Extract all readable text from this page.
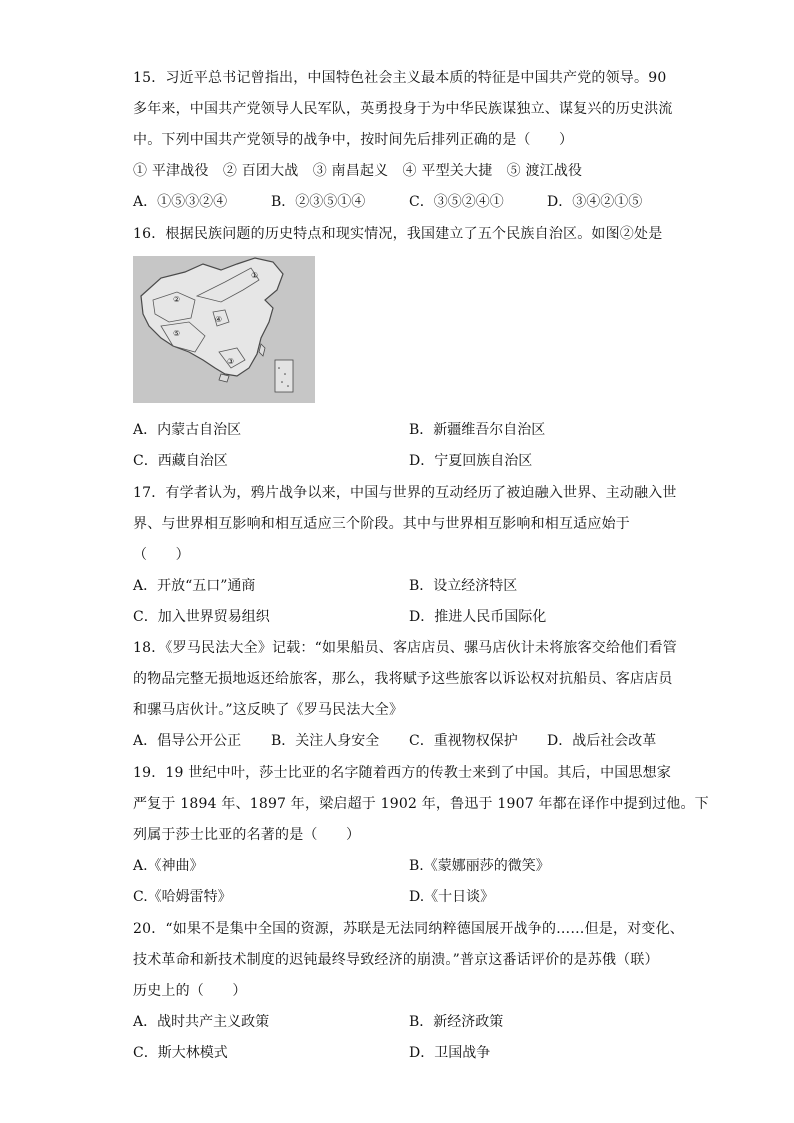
15．习近平总书记曾指出，中国特色社会主义最本质的特征是中国共产党的领导。90
多年来，中国共产党领导人民军队，英勇投身于为中华民族谋独立、谋复兴的历史洪流
中。下列中国共产党领导的战争中，按时间先后排列正确的是（　　）
① 平津战役　② 百团大战　③ 南昌起义　④ 平型关大捷　⑤ 渡江战役
A．①⑤③②④	B．②③⑤①④	C．③⑤②④①	D．③④②①⑤
16．根据民族问题的历史特点和现实情况，我国建立了五个民族自治区。如图②处是
①
②
④
⑤
③
A．内蒙古自治区	B．新疆维吾尔自治区
C．西藏自治区	D．宁夏回族自治区
17．有学者认为，鸦片战争以来，中国与世界的互动经历了被迫融入世界、主动融入世
界、与世界相互影响和相互适应三个阶段。其中与世界相互影响和相互适应始于
（　　）
A．开放“五口”通商	B．设立经济特区
C．加入世界贸易组织	D．推进人民币国际化
18．《罗马民法大全》记载：“如果船员、客店店员、骡马店伙计未将旅客交给他们看管
的物品完整无损地返还给旅客，那么，我将赋予这些旅客以诉讼权对抗船员、客店店员
和骡马店伙计。”这反映了《罗马民法大全》
A．倡导公开公正 B．关注人身安全 C．重视物权保护 D．战后社会改革
19．19 世纪中叶，莎士比亚的名字随着西方的传教士来到了中国。其后，中国思想家
严复于 1894 年、1897 年，梁启超于 1902 年，鲁迅于 1907 年都在译作中提到过他。下
列属于莎士比亚的名著的是（　　）
A.《神曲》	B.《蒙娜丽莎的微笑》
C.《哈姆雷特》	D.《十日谈》
20．“如果不是集中全国的资源，苏联是无法同纳粹德国展开战争的……但是，对变化、
技术革命和新技术制度的迟钝最终导致经济的崩溃。”普京这番话评价的是苏俄（联）
历史上的（　　）
A．战时共产主义政策	B．新经济政策
C．斯大林模式	D．卫国战争
